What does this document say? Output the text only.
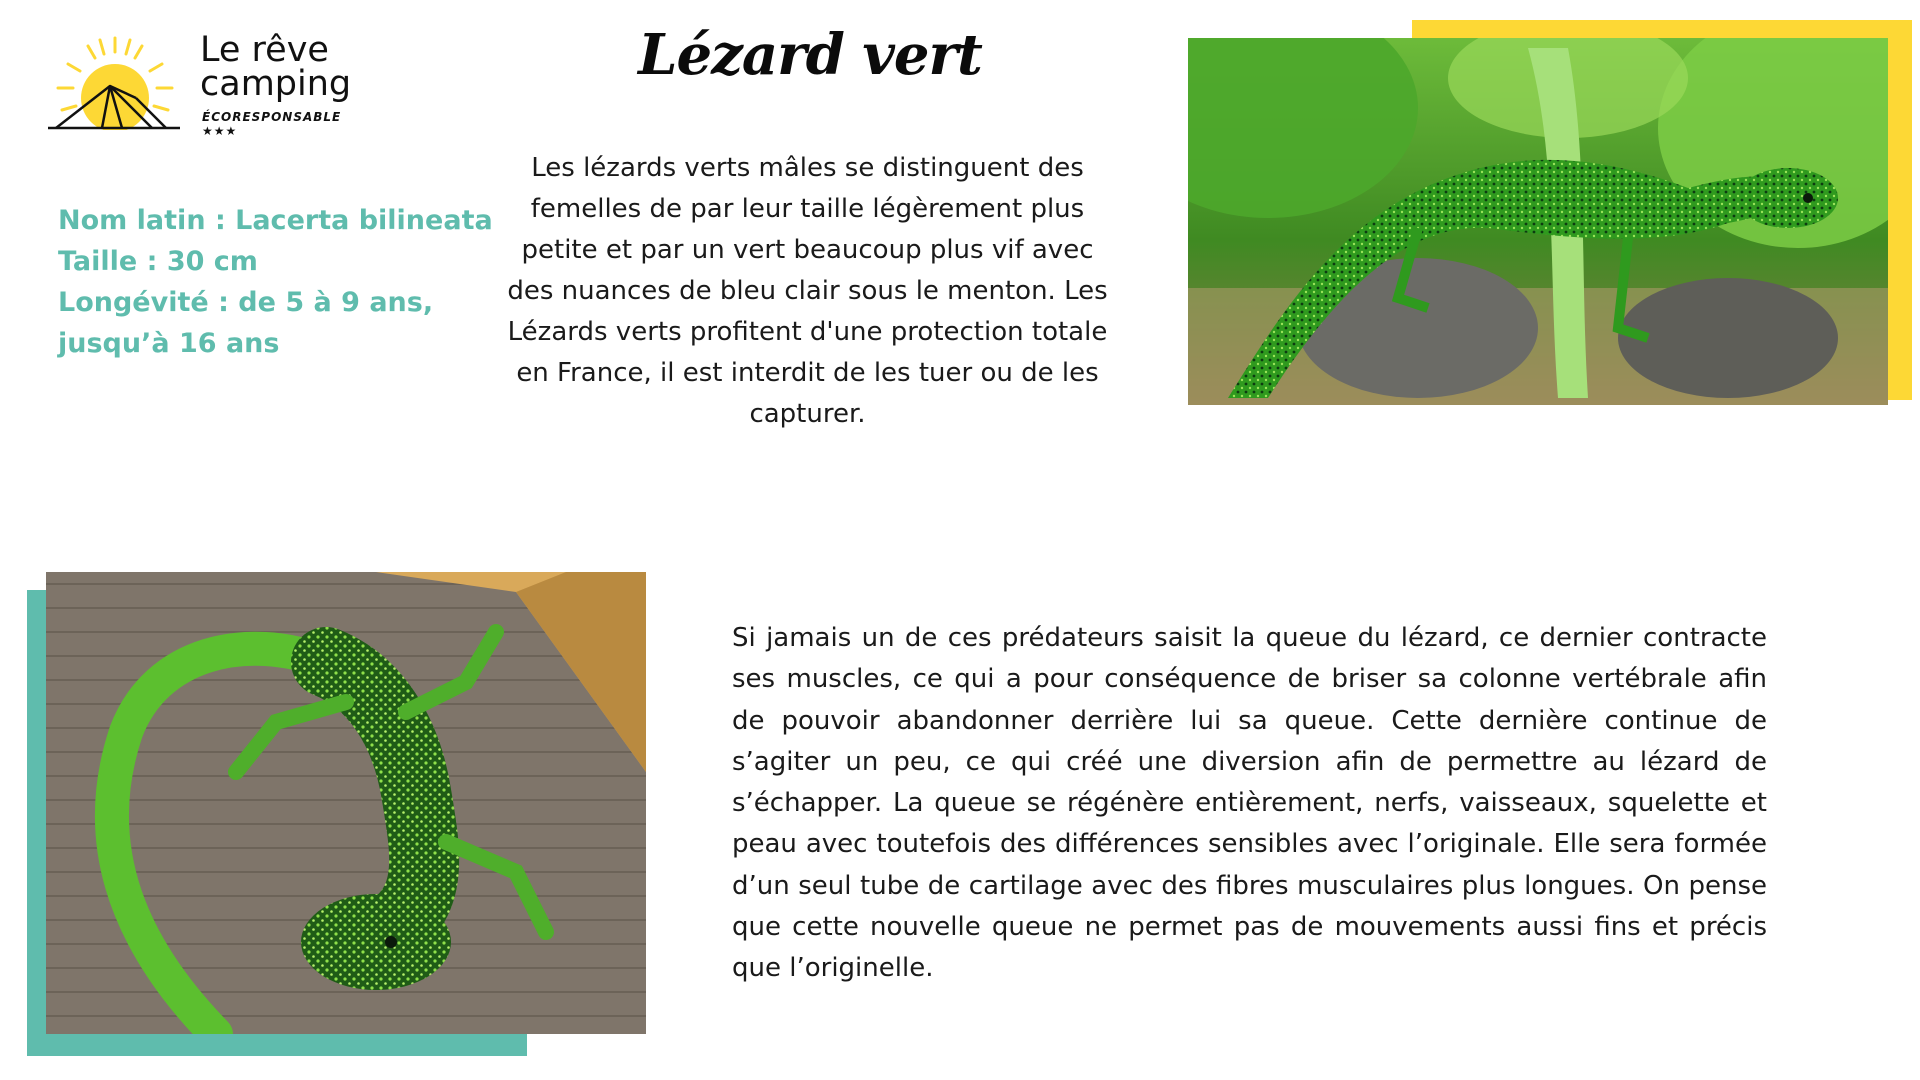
Le rêve
camping
ÉCORESPONSABLE ★★★
Lézard vert
Nom latin : Lacerta bilineata
Taille : 30 cm
Longévité : de 5 à 9 ans,
jusqu’à 16 ans
Les lézards verts mâles se distinguent des femelles de par leur taille légèrement plus petite et par un vert beaucoup plus vif avec des nuances de bleu clair sous le menton. Les Lézards verts profitent d'une protection totale en France, il est interdit de les tuer ou de les capturer.
Si jamais un de ces prédateurs saisit la queue du lézard, ce dernier contracte ses muscles, ce qui a pour conséquence de briser sa colonne vertébrale afin de pouvoir abandonner derrière lui sa queue. Cette dernière continue de s’agiter un peu, ce qui créé une diversion afin de permettre au lézard de s’échapper. La queue se régénère entièrement, nerfs, vaisseaux, squelette et peau avec toutefois des différences sensibles avec l’originale. Elle sera formée d’un seul tube de cartilage avec des fibres musculaires plus longues. On pense que cette nouvelle queue ne permet pas de mouvements aussi fins et précis que l’originelle.
